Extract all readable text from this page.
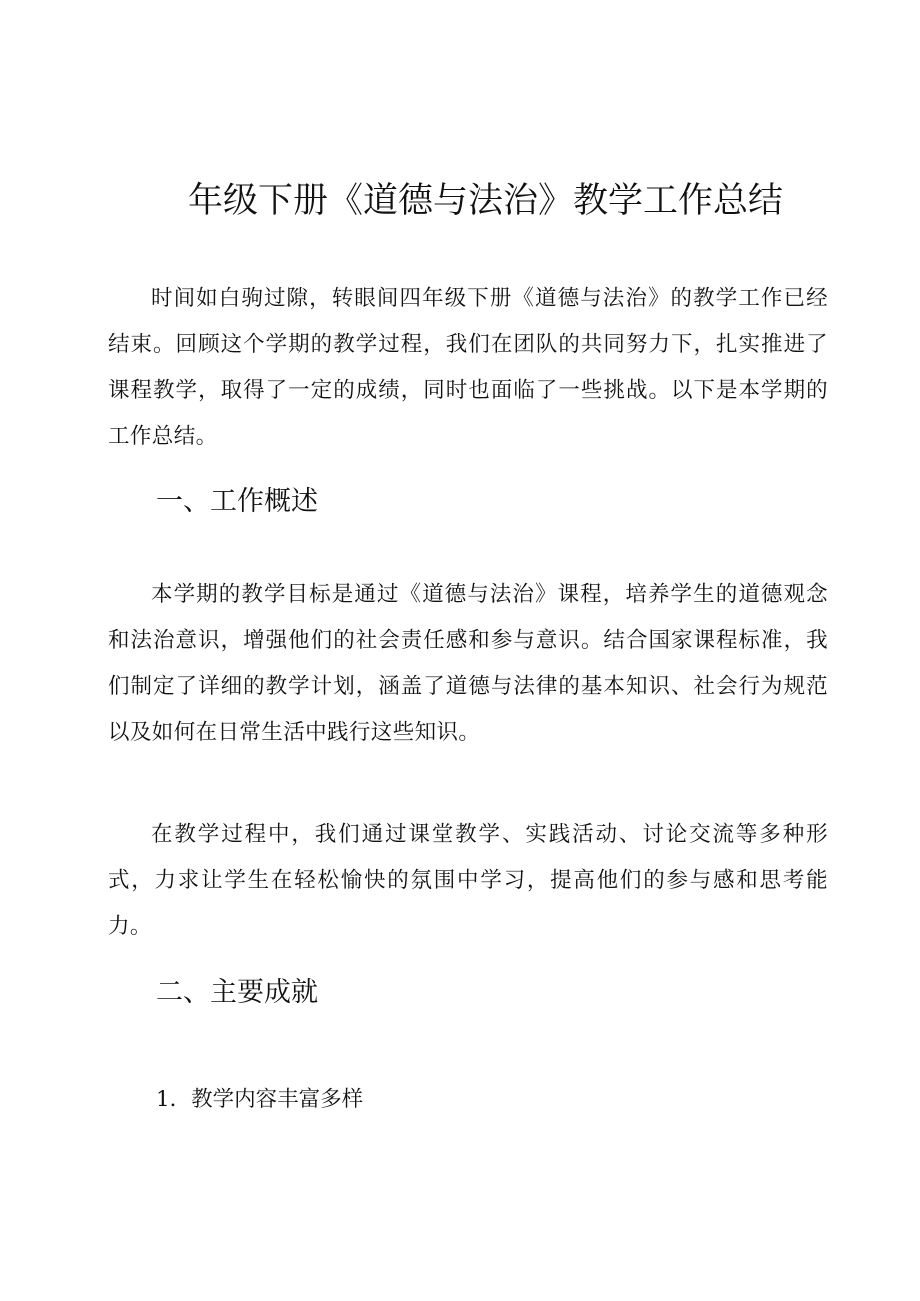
年级下册《道德与法治》教学工作总结

时间如白驹过隙，转眼间四年级下册《道德与法治》的教学工作已经结束。回顾这个学期的教学过程，我们在团队的共同努力下，扎实推进了课程教学，取得了一定的成绩，同时也面临了一些挑战。以下是本学期的工作总结。

一、工作概述

本学期的教学目标是通过《道德与法治》课程，培养学生的道德观念和法治意识，增强他们的社会责任感和参与意识。结合国家课程标准，我们制定了详细的教学计划，涵盖了道德与法律的基本知识、社会行为规范以及如何在日常生活中践行这些知识。

在教学过程中，我们通过课堂教学、实践活动、讨论交流等多种形式，力求让学生在轻松愉快的氛围中学习，提高他们的参与感和思考能力。

二、主要成就

1．教学内容丰富多样
